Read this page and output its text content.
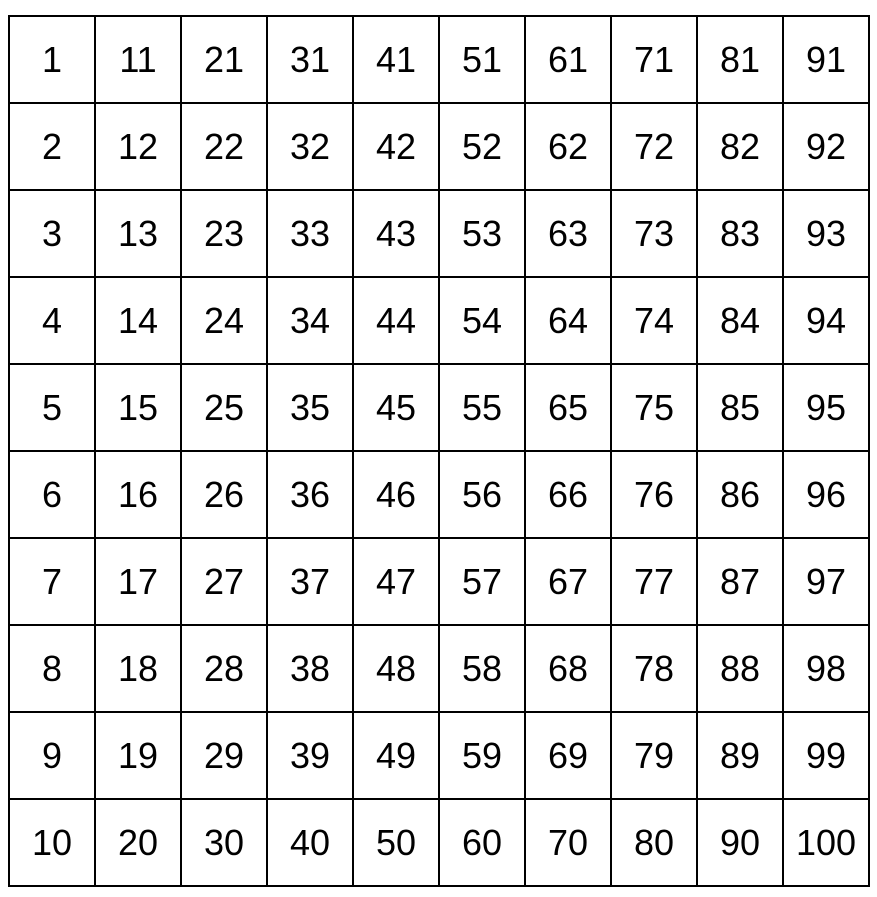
1	11	21	31	41	51	61	71	81	91
2	12	22	32	42	52	62	72	82	92
3	13	23	33	43	53	63	73	83	93
4	14	24	34	44	54	64	74	84	94
5	15	25	35	45	55	65	75	85	95
6	16	26	36	46	56	66	76	86	96
7	17	27	37	47	57	67	77	87	97
8	18	28	38	48	58	68	78	88	98
9	19	29	39	49	59	69	79	89	99
10	20	30	40	50	60	70	80	90	100
